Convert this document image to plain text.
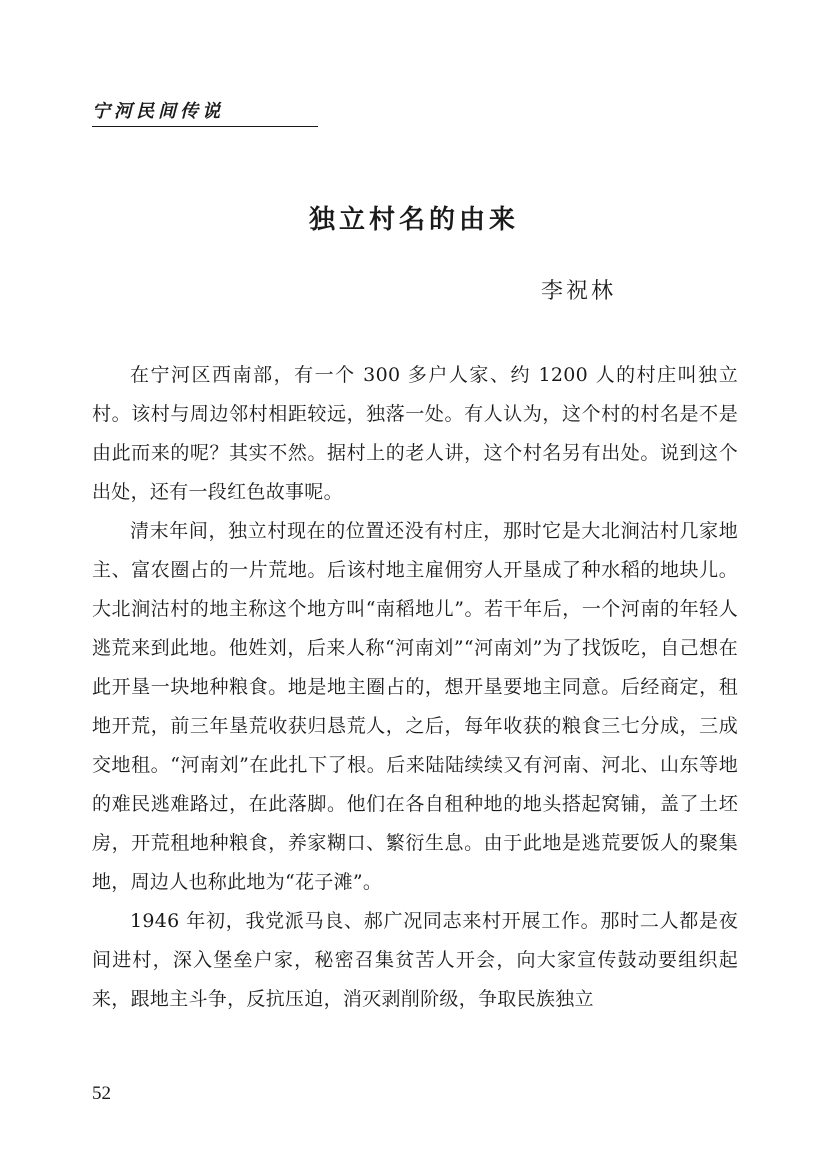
宁河民间传说
独立村名的由来
李祝林

在宁河区西南部，有一个 300 多户人家、约 1200 人的村庄叫独立村。该村与周边邻村相距较远，独落一处。有人认为，这个村的村名是不是由此而来的呢？其实不然。据村上的老人讲，这个村名另有出处。说到这个出处，还有一段红色故事呢。

清末年间，独立村现在的位置还没有村庄，那时它是大北涧沽村几家地主、富农圈占的一片荒地。后该村地主雇佣穷人开垦成了种水稻的地块儿。大北涧沽村的地主称这个地方叫“南稻地儿”。若干年后，一个河南的年轻人逃荒来到此地。他姓刘，后来人称“河南刘”“河南刘”为了找饭吃，自己想在此开垦一块地种粮食。地是地主圈占的，想开垦要地主同意。后经商定，租地开荒，前三年垦荒收获归恳荒人，之后，每年收获的粮食三七分成，三成交地租。“河南刘”在此扎下了根。后来陆陆续续又有河南、河北、山东等地的难民逃难路过，在此落脚。他们在各自租种地的地头搭起窝铺，盖了土坯房，开荒租地种粮食，养家糊口、繁衍生息。由于此地是逃荒要饭人的聚集地，周边人也称此地为“花子滩”。

1946 年初，我党派马良、郝广况同志来村开展工作。那时二人都是夜间进村，深入堡垒户家，秘密召集贫苦人开会，向大家宣传鼓动要组织起来，跟地主斗争，反抗压迫，消灭剥削阶级，争取民族独立

52
